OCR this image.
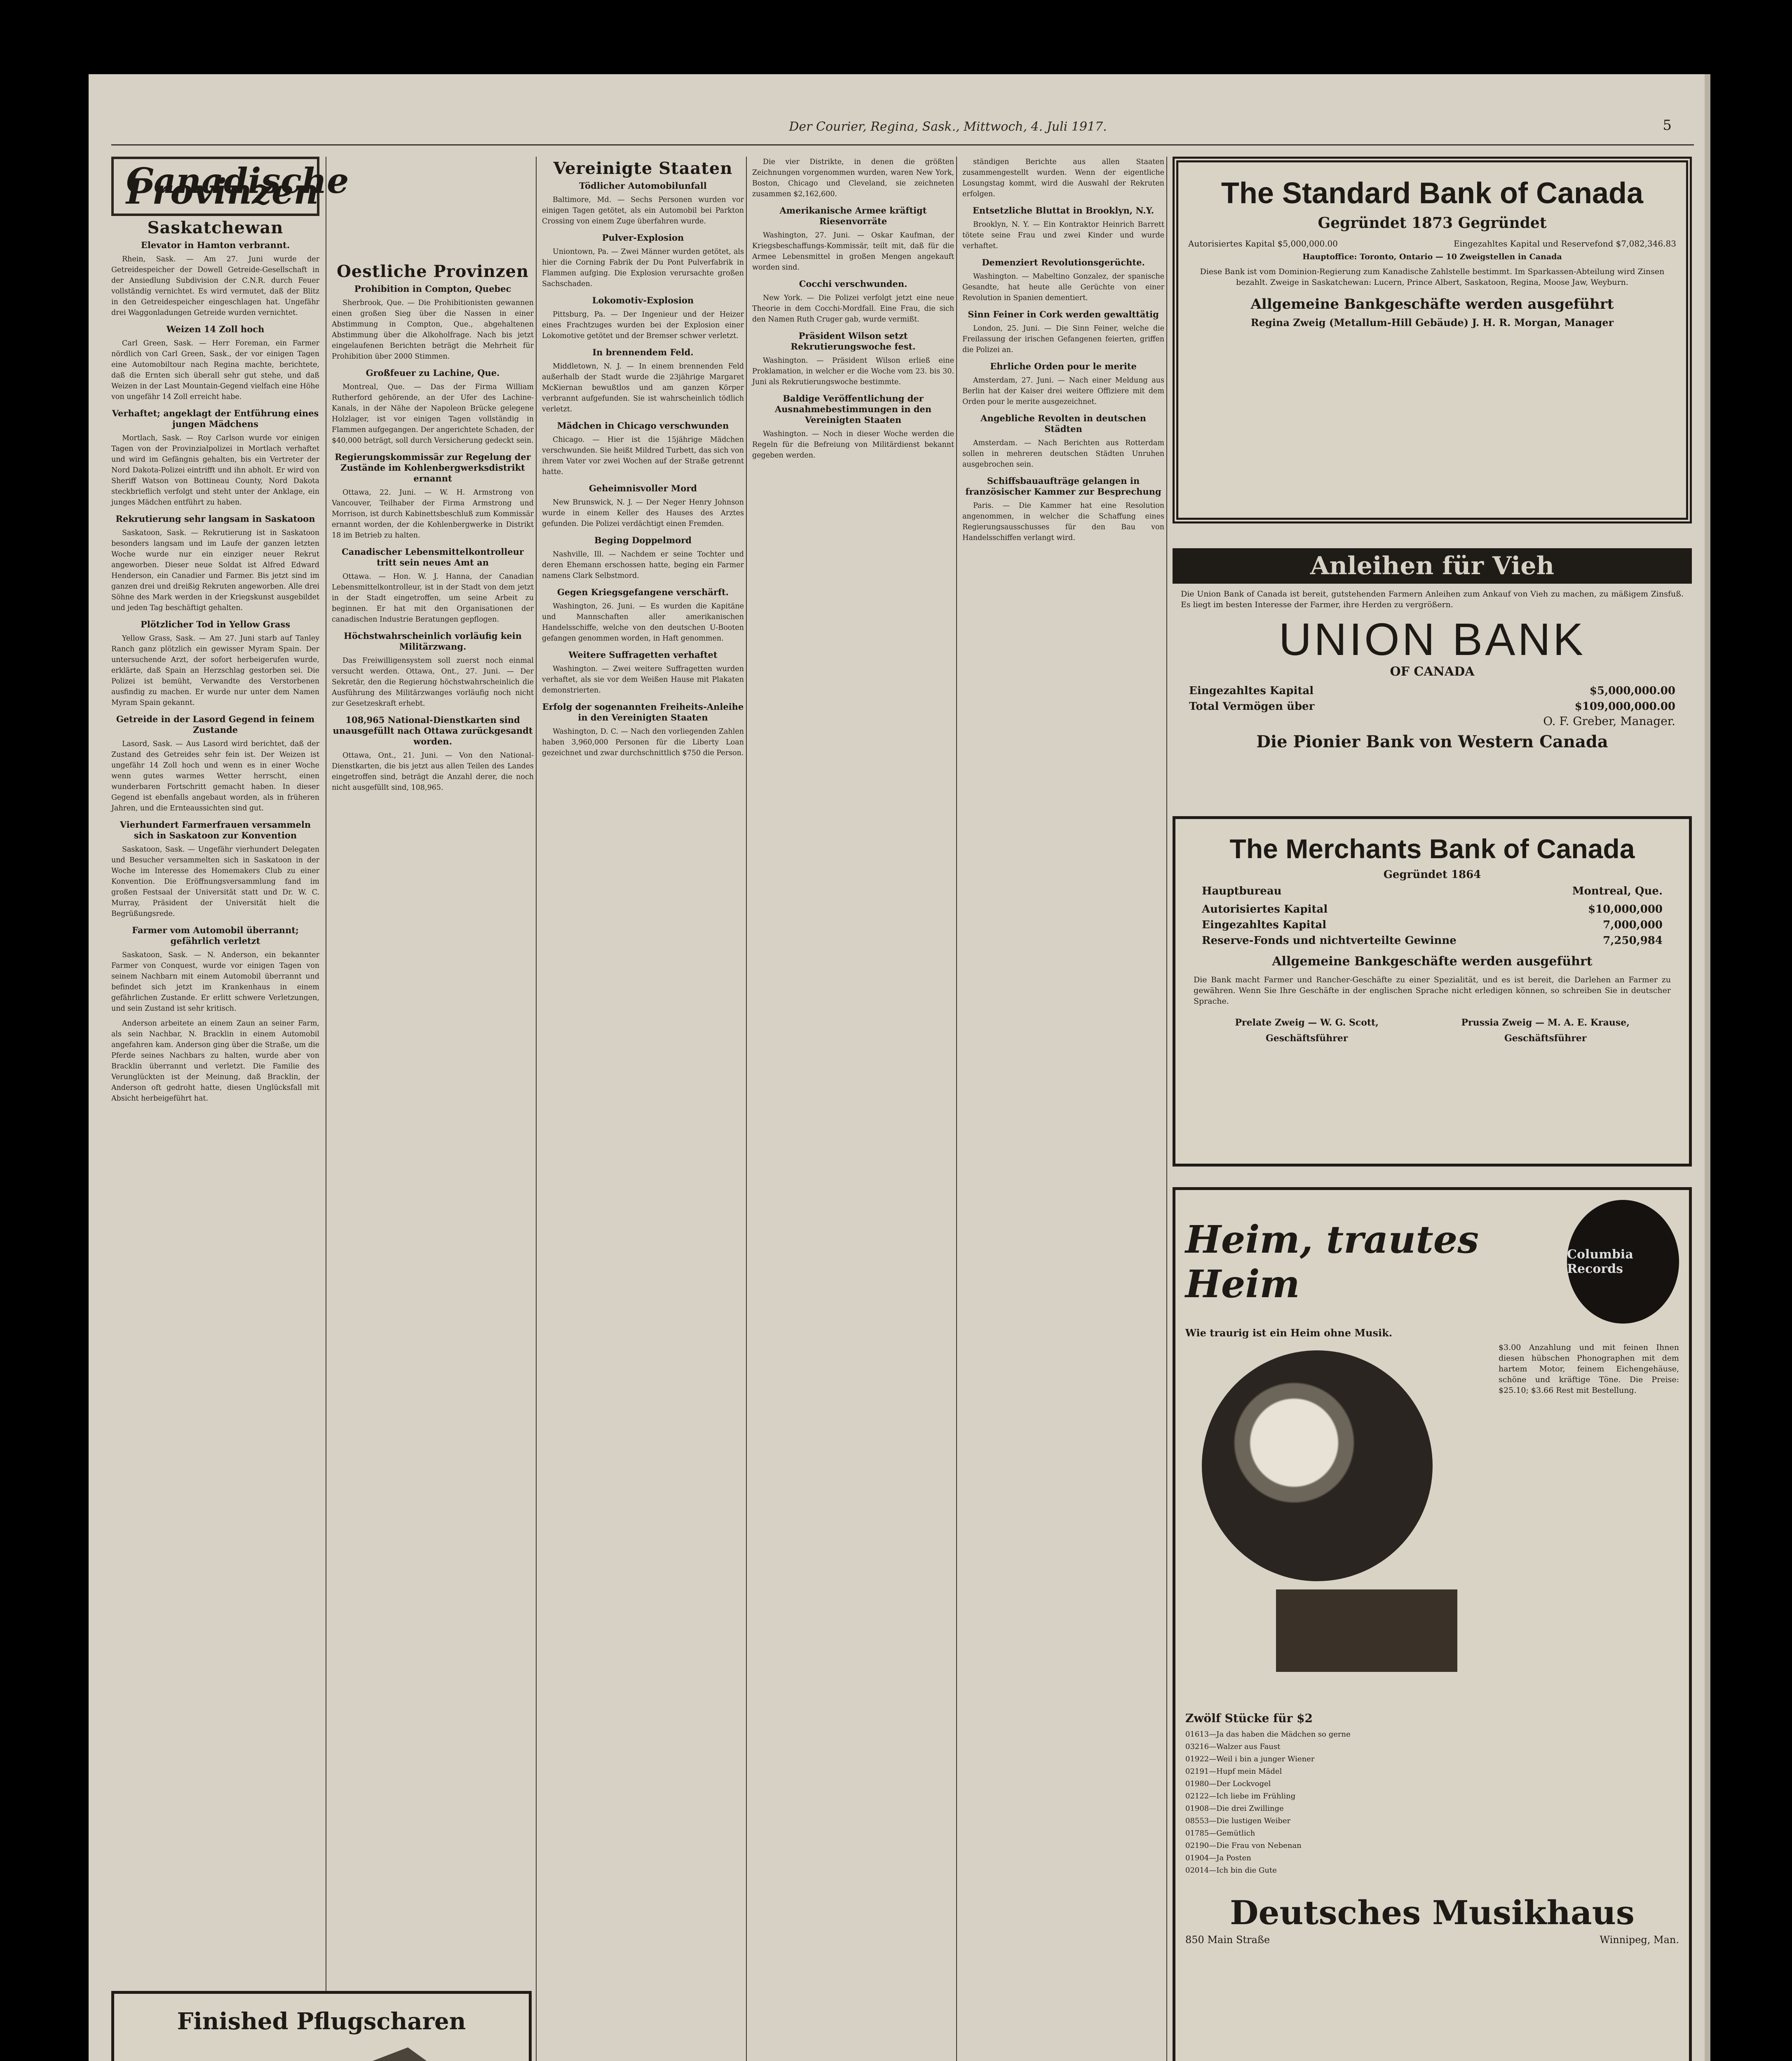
Der Courier, Regina, Sask., Mittwoch, 4. Juli 1917.	5
Canadische Provinzen
Saskatchewan
Elevator in Hamton verbrannt.

Rhein, Sask. — Am 27. Juni wurde der Getreidespeicher der Dowell Getreide-Gesellschaft in der Ansiedlung Subdivision der C.N.R. durch Feuer vollständig vernichtet. Es wird vermutet, daß der Blitz in den Getreidespeicher eingeschlagen hat. Ungefähr drei Waggonladungen Getreide wurden vernichtet.

Weizen 14 Zoll hoch

Carl Green, Sask. — Herr Foreman, ein Farmer nördlich von Carl Green, Sask., der vor einigen Tagen eine Automobiltour nach Regina machte, berichtete, daß die Ernten sich überall sehr gut stehe, und daß Weizen in der Last Mountain-Gegend vielfach eine Höhe von ungefähr 14 Zoll erreicht habe.

Verhaftet; angeklagt der Entführung eines jungen Mädchens

Mortlach, Sask. — Roy Carlson wurde vor einigen Tagen von der Provinzialpolizei in Mortlach verhaftet und wird im Gefängnis gehalten, bis ein Vertreter der Nord Dakota-Polizei eintrifft und ihn abholt. Er wird von Sheriff Watson von Bottineau County, Nord Dakota steckbrieflich verfolgt und steht unter der Anklage, ein junges Mädchen entführt zu haben.

Rekrutierung sehr langsam in Saskatoon

Saskatoon, Sask. — Rekrutierung ist in Saskatoon besonders langsam und im Laufe der ganzen letzten Woche wurde nur ein einziger neuer Rekrut angeworben. Dieser neue Soldat ist Alfred Edward Henderson, ein Canadier und Farmer. Bis jetzt sind im ganzen drei und dreißig Rekruten angeworben. Alle drei Söhne des Mark werden in der Kriegskunst ausgebildet und jeden Tag beschäftigt gehalten.

Plötzlicher Tod in Yellow Grass

Yellow Grass, Sask. — Am 27. Juni starb auf Tanley Ranch ganz plötzlich ein gewisser Myram Spain. Der untersuchende Arzt, der sofort herbeigerufen wurde, erklärte, daß Spain an Herzschlag gestorben sei. Die Polizei ist bemüht, Verwandte des Verstorbenen ausfindig zu machen. Er wurde nur unter dem Namen Myram Spain gekannt.

Getreide in der Lasord Gegend in feinem Zustande

Lasord, Sask. — Aus Lasord wird berichtet, daß der Zustand des Getreides sehr fein ist. Der Weizen ist ungefähr 14 Zoll hoch und wenn es in einer Woche wenn gutes warmes Wetter herrscht, einen wunderbaren Fortschritt gemacht haben. In dieser Gegend ist ebenfalls angebaut worden, als in früheren Jahren, und die Ernteaussichten sind gut.

Vierhundert Farmerfrauen versammeln sich in Saskatoon zur Konvention

Saskatoon, Sask. — Ungefähr vierhundert Delegaten und Besucher versammelten sich in Saskatoon in der Woche im Interesse des Homemakers Club zu einer Konvention. Die Eröffnungsversammlung fand im großen Festsaal der Universität statt und Dr. W. C. Murray, Präsident der Universität hielt die Begrüßungsrede.

Farmer vom Automobil überrannt; gefährlich verletzt

Saskatoon, Sask. — N. Anderson, ein bekannter Farmer von Conquest, wurde vor einigen Tagen von seinem Nachbarn mit einem Automobil überrannt und befindet sich jetzt im Krankenhaus in einem gefährlichen Zustande. Er erlitt schwere Verletzungen, und sein Zustand ist sehr kritisch.

Anderson arbeitete an einem Zaun an seiner Farm, als sein Nachbar, N. Bracklin in einem Automobil angefahren kam. Anderson ging über die Straße, um die Pferde seines Nachbars zu halten, wurde aber von Bracklin überrannt und verletzt. Die Familie des Verunglückten ist der Meinung, daß Bracklin, der Anderson oft gedroht hatte, diesen Unglücksfall mit Absicht herbeigeführt hat.

Finished Pflugscharen
Oestliche Provinzen
Prohibition in Compton, Quebec

Sherbrook, Que. — Die Prohibitionisten gewannen einen großen Sieg über die Nassen in einer Abstimmung in Compton, Que., abgehaltenen Abstimmung über die Alkoholfrage. Nach bis jetzt eingelaufenen Berichten beträgt die Mehrheit für Prohibition über 2000 Stimmen.

Großfeuer zu Lachine, Que.

Montreal, Que. — Das der Firma William Rutherford gehörende, an der Ufer des Lachine-Kanals, in der Nähe der Napoleon Brücke gelegene Holzlager, ist vor einigen Tagen vollständig in Flammen aufgegangen. Der angerichtete Schaden, der $40,000 beträgt, soll durch Versicherung gedeckt sein.

Regierungskommissär zur Regelung der Zustände im Kohlenbergwerksdistrikt ernannt

Ottawa, 22. Juni. — W. H. Armstrong von Vancouver, Teilhaber der Firma Armstrong und Morrison, ist durch Kabinettsbeschluß zum Kommissär ernannt worden, der die Kohlenbergwerke in Distrikt 18 im Betrieb zu halten.

Canadischer Lebensmittelkontrolleur tritt sein neues Amt an

Ottawa. — Hon. W. J. Hanna, der Canadian Lebensmittelkontrolleur, ist in der Stadt von dem jetzt in der Stadt eingetroffen, um seine Arbeit zu beginnen. Er hat mit den Organisationen der canadischen Industrie Beratungen gepflogen.

Höchstwahrscheinlich vorläufig kein Militärzwang.

Das Freiwilligensystem soll zuerst noch einmal versucht werden. Ottawa, Ont., 27. Juni. — Der Sekretär, den die Regierung höchstwahrscheinlich die Ausführung des Militärzwanges vorläufig noch nicht zur Gesetzeskraft erhebt.

108,965 National-Dienstkarten sind unausgefüllt nach Ottawa zurückgesandt worden.

Ottawa, Ont., 21. Juni. — Von den National-Dienstkarten, die bis jetzt aus allen Teilen des Landes eingetroffen sind, beträgt die Anzahl derer, die noch nicht ausgefüllt sind, 108,965.

Vereinigte Staaten
Tödlicher Automobilunfall

Baltimore, Md. — Sechs Personen wurden vor einigen Tagen getötet, als ein Automobil bei Parkton Crossing von einem Zuge überfahren wurde.

Pulver-Explosion

Uniontown, Pa. — Zwei Männer wurden getötet, als hier die Corning Fabrik der Du Pont Pulverfabrik in Flammen aufging. Die Explosion verursachte großen Sachschaden.

Lokomotiv-Explosion

Pittsburg, Pa. — Der Ingenieur und der Heizer eines Frachtzuges wurden bei der Explosion einer Lokomotive getötet und der Bremser schwer verletzt.

In brennendem Feld.

Middletown, N. J. — In einem brennenden Feld außerhalb der Stadt wurde die 23jährige Margaret McKiernan bewußtlos und am ganzen Körper verbrannt aufgefunden. Sie ist wahrscheinlich tödlich verletzt.

Mädchen in Chicago verschwunden

Chicago. — Hier ist die 15jährige Mädchen verschwunden. Sie heißt Mildred Turbett, das sich von ihrem Vater vor zwei Wochen auf der Straße getrennt hatte.

Geheimnisvoller Mord

New Brunswick, N. J. — Der Neger Henry Johnson wurde in einem Keller des Hauses des Arztes gefunden. Die Polizei verdächtigt einen Fremden.

Beging Doppelmord

Nashville, Ill. — Nachdem er seine Tochter und deren Ehemann erschossen hatte, beging ein Farmer namens Clark Selbstmord.

Gegen Kriegsgefangene verschärft.

Washington, 26. Juni. — Es wurden die Kapitäne und Mannschaften aller amerikanischen Handelsschiffe, welche von den deutschen U-Booten gefangen genommen worden, in Haft genommen.

Weitere Suffragetten verhaftet

Washington. — Zwei weitere Suffragetten wurden verhaftet, als sie vor dem Weißen Hause mit Plakaten demonstrierten.

Erfolg der sogenannten Freiheits-Anleihe in den Vereinigten Staaten

Washington, D. C. — Nach den vorliegenden Zahlen haben 3,960,000 Personen für die Liberty Loan gezeichnet und zwar durchschnittlich $750 die Person.

Die vier Distrikte, in denen die größten Zeichnungen vorgenommen wurden, waren New York, Boston, Chicago und Cleveland, sie zeichneten zusammen $2,162,600.

Amerikanische Armee kräftigt Riesenvorräte

Washington, 27. Juni. — Oskar Kaufman, der Kriegsbeschaffungs-Kommissär, teilt mit, daß für die Armee Lebensmittel in großen Mengen angekauft worden sind.

Cocchi verschwunden.

New York. — Die Polizei verfolgt jetzt eine neue Theorie in dem Cocchi-Mordfall. Eine Frau, die sich den Namen Ruth Cruger gab, wurde vermißt.

Präsident Wilson setzt Rekrutierungswoche fest.

Washington. — Präsident Wilson erließ eine Proklamation, in welcher er die Woche vom 23. bis 30. Juni als Rekrutierungswoche bestimmte.

Baldige Veröffentlichung der Ausnahmebestimmungen in den Vereinigten Staaten

Washington. — Noch in dieser Woche werden die Regeln für die Befreiung von Militärdienst bekannt gegeben werden.

ständigen Berichte aus allen Staaten zusammengestellt wurden. Wenn der eigentliche Losungstag kommt, wird die Auswahl der Rekruten erfolgen.

Entsetzliche Bluttat in Brooklyn, N.Y.

Brooklyn, N. Y. — Ein Kontraktor Heinrich Barrett tötete seine Frau und zwei Kinder und wurde verhaftet.

Demenziert Revolutionsgerüchte.

Washington. — Mabeltino Gonzalez, der spanische Gesandte, hat heute alle Gerüchte von einer Revolution in Spanien dementiert.

Sinn Feiner in Cork werden gewalttätig

London, 25. Juni. — Die Sinn Feiner, welche die Freilassung der irischen Gefangenen feierten, griffen die Polizei an.

Ehrliche Orden pour le merite

Amsterdam, 27. Juni. — Nach einer Meldung aus Berlin hat der Kaiser drei weitere Offiziere mit dem Orden pour le merite ausgezeichnet.

Angebliche Revolten in deutschen Städten

Amsterdam. — Nach Berichten aus Rotterdam sollen in mehreren deutschen Städten Unruhen ausgebrochen sein.

Schiffsbauaufträge gelangen in französischer Kammer zur Besprechung

Paris. — Die Kammer hat eine Resolution angenommen, in welcher die Schaffung eines Regierungsausschusses für den Bau von Handelsschiffen verlangt wird.

The Standard Bank of Canada
Gegründet 1873 Gegründet
Autorisiertes Kapital $5,000,000.00	Eingezahltes Kapital und Reservefond $7,082,346.83
Hauptoffice: Toronto, Ontario — 10 Zweigstellen in Canada
Diese Bank ist vom Dominion-Regierung zum Kanadische Zahlstelle bestimmt. Im Sparkassen-Abteilung wird Zinsen bezahlt. Zweige in Saskatchewan: Lucern, Prince Albert, Saskatoon, Regina, Moose Jaw, Weyburn.
Allgemeine Bankgeschäfte werden ausgeführt
Regina Zweig (Metallum-Hill Gebäude) J. H. R. Morgan, Manager
Anleihen für Vieh
Die Union Bank of Canada ist bereit, gutstehenden Farmern Anleihen zum Ankauf von Vieh zu machen, zu mäßigem Zinsfuß. Es liegt im besten Interesse der Farmer, ihre Herden zu vergrößern.
UNION BANK
OF CANADA
Eingezahltes Kapital	$5,000,000.00
Total Vermögen über	$109,000,000.00
O. F. Greber, Manager.
Die Pionier Bank von Western Canada
The Merchants Bank of Canada
Gegründet 1864
Hauptbureau	Montreal, Que.
Autorisiertes Kapital	$10,000,000
Eingezahltes Kapital	7,000,000
Reserve-Fonds und nichtverteilte Gewinne	7,250,984
Allgemeine Bankgeschäfte werden ausgeführt
Die Bank macht Farmer und Rancher-Geschäfte zu einer Spezialität, und es ist bereit, die Darlehen an Farmer zu gewähren. Wenn Sie Ihre Geschäfte in der englischen Sprache nicht erledigen können, so schreiben Sie in deutscher Sprache.
Prelate Zweig — W. G. Scott, Geschäftsführer
Prussia Zweig — M. A. E. Krause, Geschäftsführer
Heim, trautes Heim
Columbia Records
Wie traurig ist ein Heim ohne Musik.
$3.00 Anzahlung und mit feinen Ihnen diesen hübschen Phonographen mit dem hartem Motor, feinem Eichengehäuse, schöne und kräftige Töne. Die Preise: $25.10; $3.66 Rest mit Bestellung.
Zwölf Stücke für $2
01613—Ja das haben die Mädchen so gerne
03216—Walzer aus Faust
01922—Weil i bin a junger Wiener
02191—Hupf mein Mädel
01980—Der Lockvogel
02122—Ich liebe im Frühling
01908—Die drei Zwillinge
08553—Die lustigen Weiber
01785—Gemütlich
02190—Die Frau von Nebenan
01904—Ja Posten
02014—Ich bin die Gute
Deutsches Musikhaus
850 Main Straße	Winnipeg, Man.
